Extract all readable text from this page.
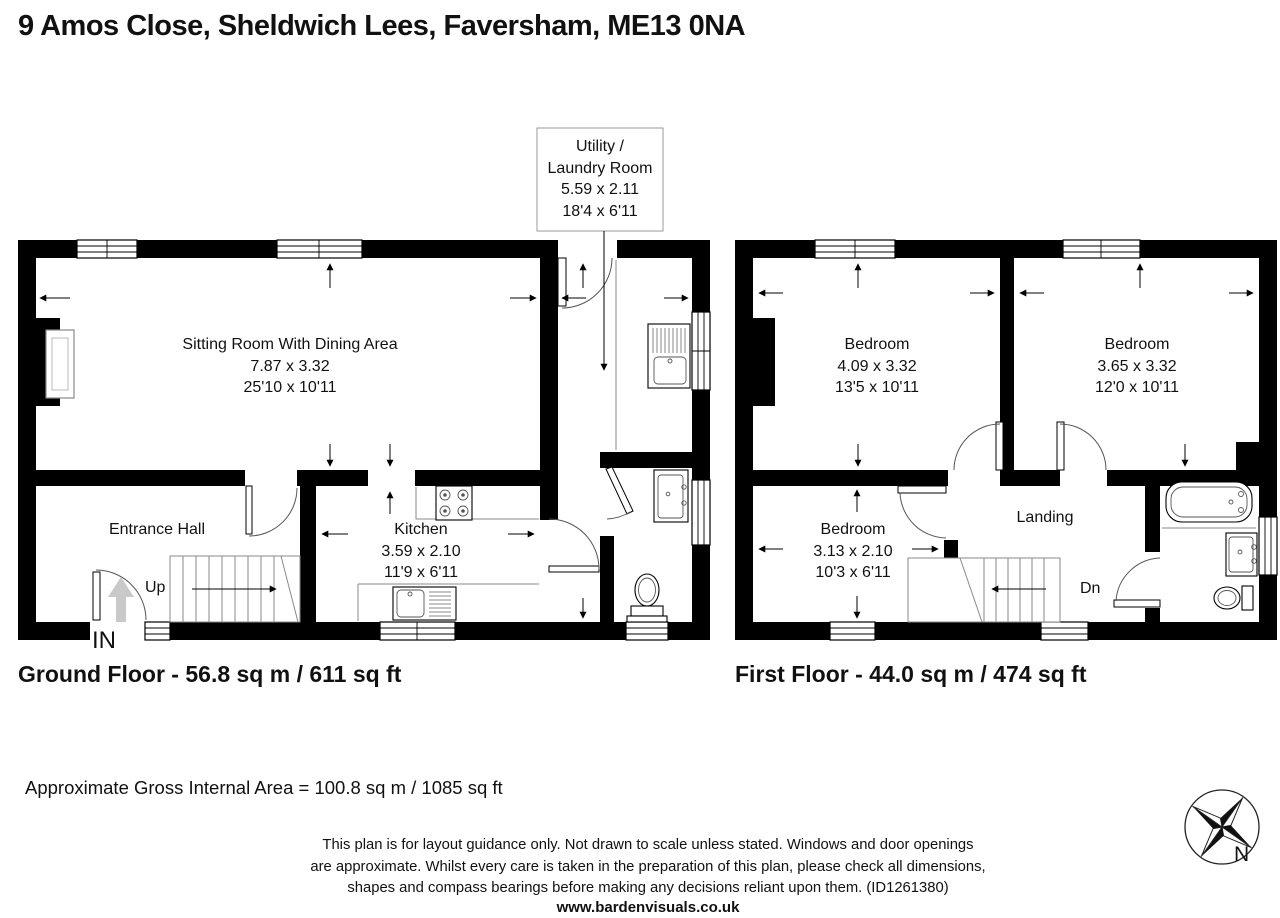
9 Amos Close, Sheldwich Lees, Faversham, ME13 0NA
Utility /
Laundry Room
5.59 x 2.11
18'4 x 6'11
Sitting Room With Dining Area
7.87 x 3.32
25'10 x 10'11
Entrance Hall	Kitchen
3.59 x 2.10
11'9 x 6'11
Up
IN
Bedroom
4.09 x 3.32
13'5 x 10'11
Bedroom
3.65 x 3.32
12'0 x 10'11
Bedroom
3.13 x 2.10
10'3 x 6'11
Landing
Dn
Ground Floor - 56.8 sq m / 611 sq ft	First Floor - 44.0 sq m / 474 sq ft
Approximate Gross Internal Area = 100.8 sq m / 1085 sq ft
This plan is for layout guidance only. Not drawn to scale unless stated. Windows and door openings
are approximate. Whilst every care is taken in the preparation of this plan, please check all dimensions,
shapes and compass bearings before making any decisions reliant upon them. (ID1261380)
www.bardenvisuals.co.uk
N
